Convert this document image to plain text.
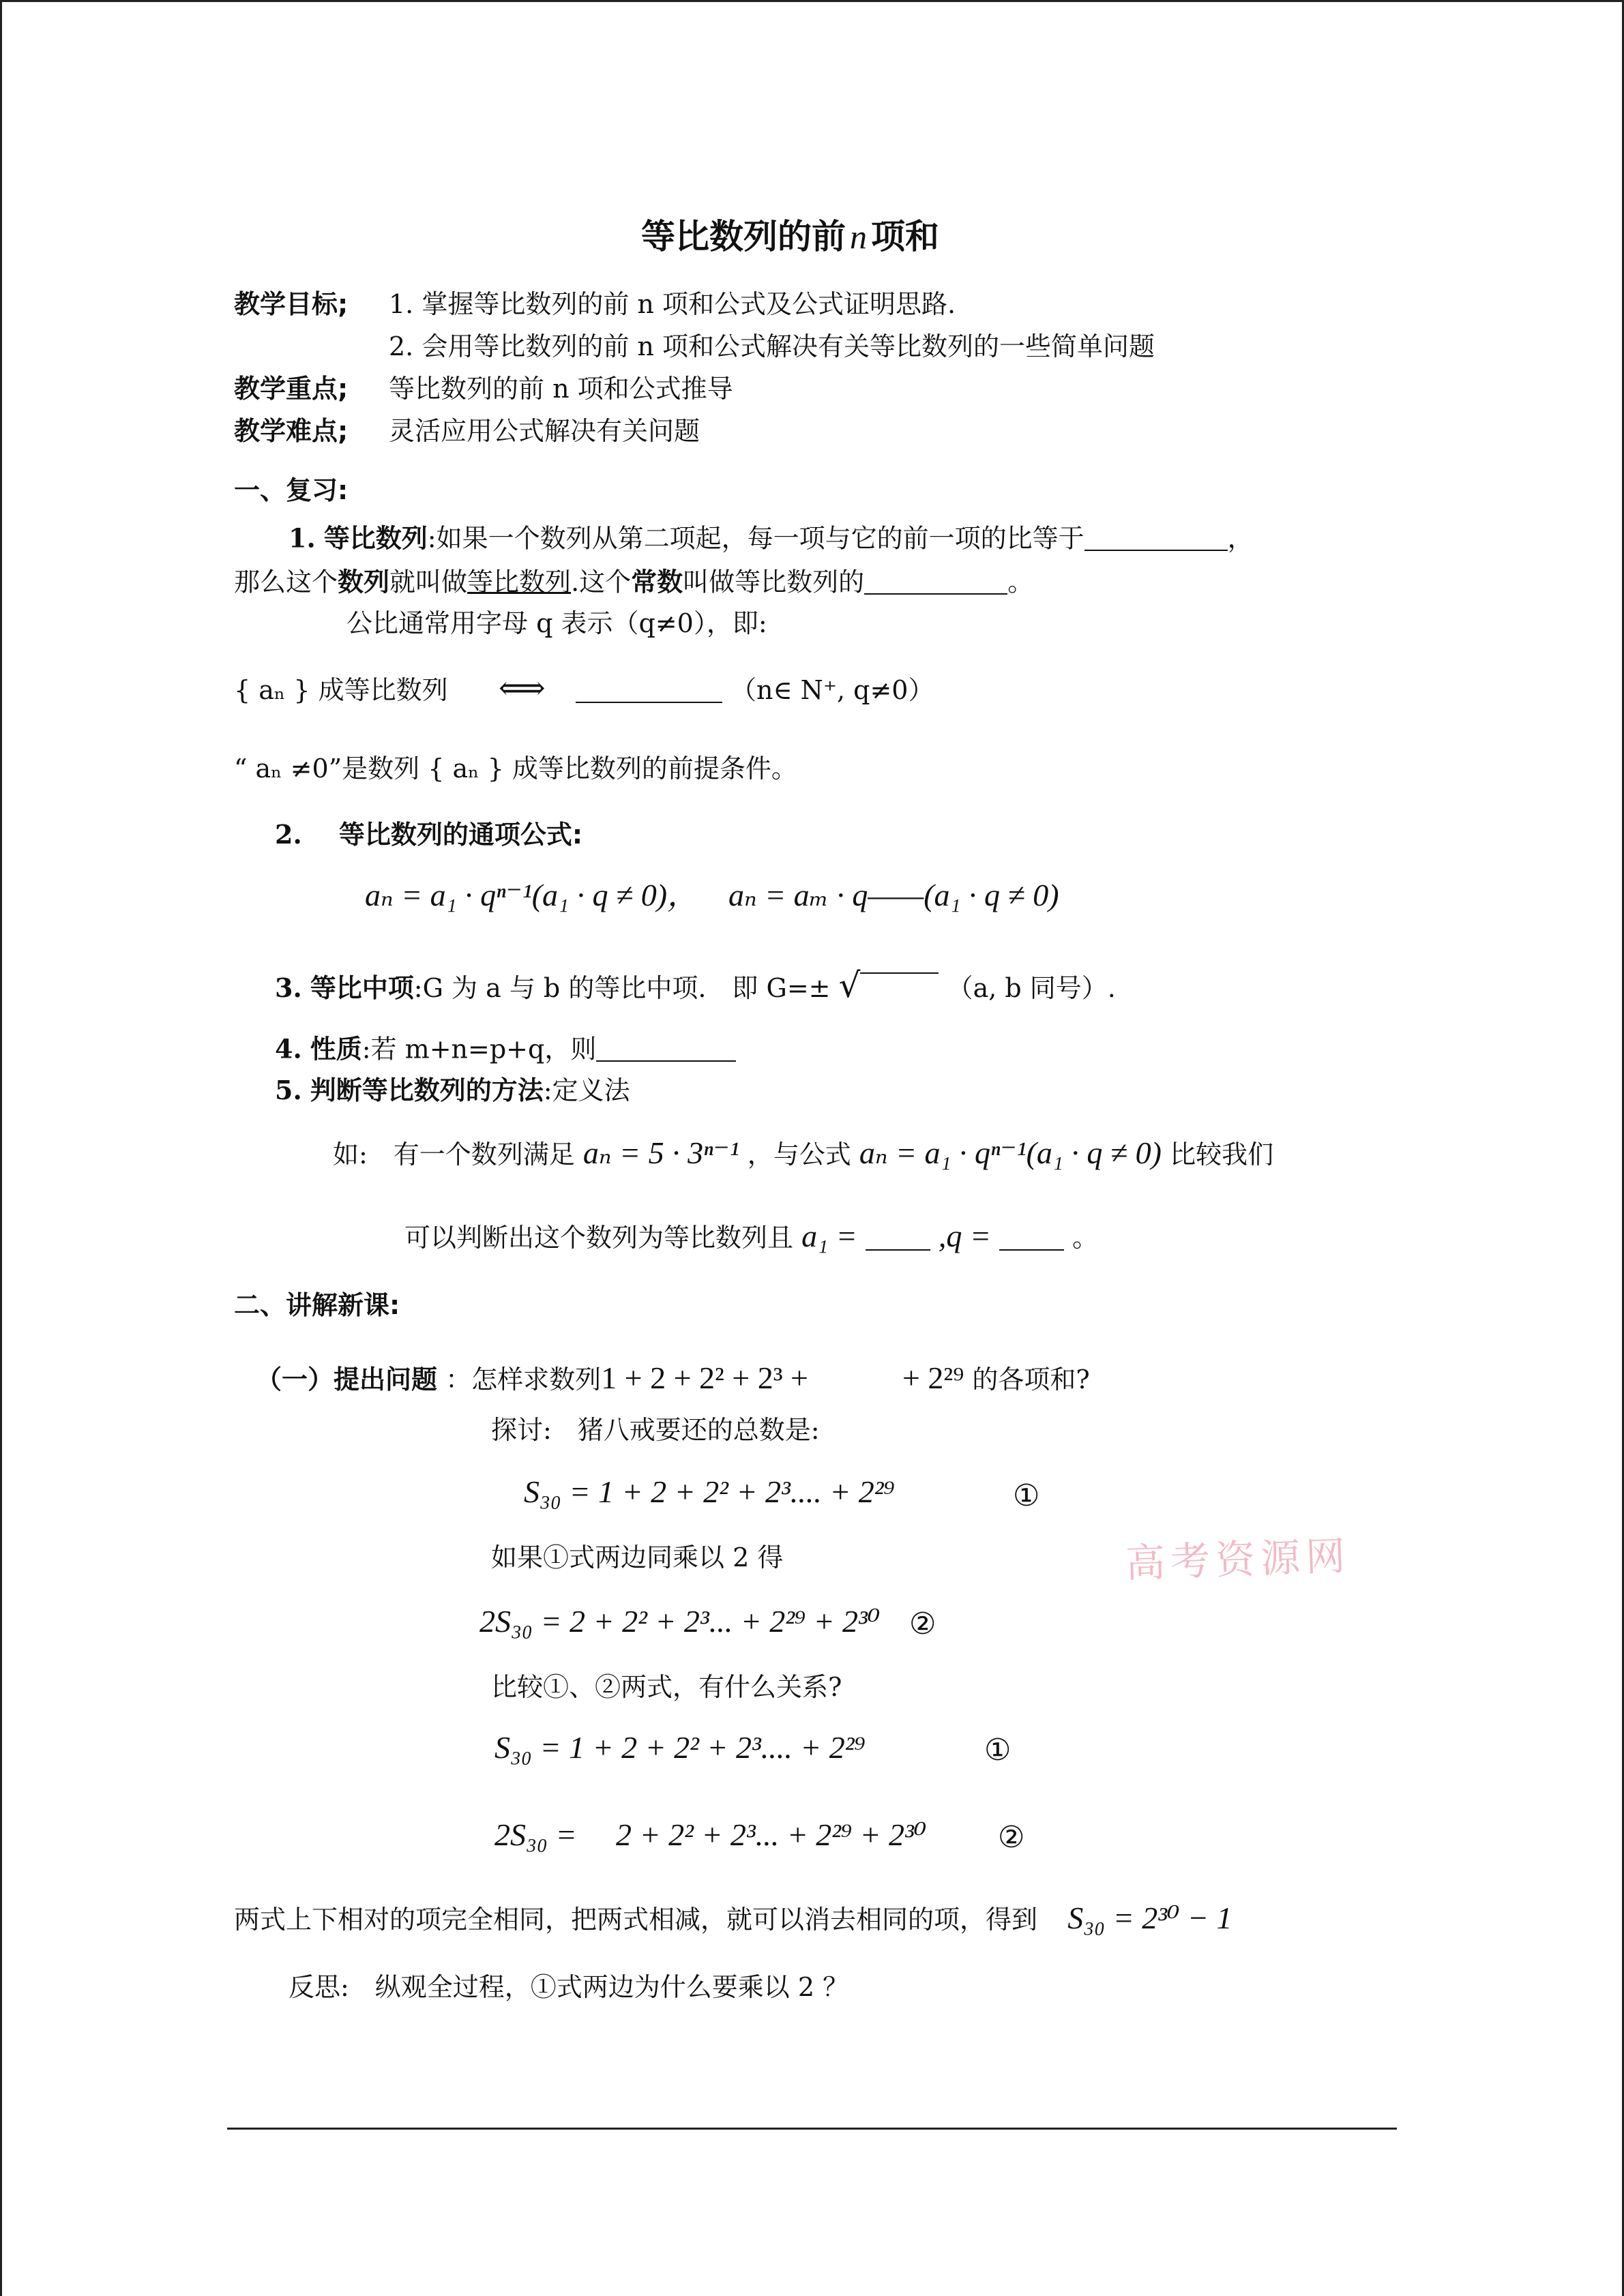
等比数列的前 n 项和
教学目标; 1. 掌握等比数列的前 n 项和公式及公式证明思路.
2. 会用等比数列的前 n 项和公式解决有关等比数列的一些简单问题
教学重点; 等比数列的前 n 项和公式推导
教学难点; 灵活应用公式解决有关问题
一、复习:
1. 等比数列:如果一个数列从第二项起，每一项与它的前一项的比等于	，
那么这个数列就叫做等比数列.这个常数叫做等比数列的	。
公比通常用字母 q 表示（q≠0），即:
{ aₙ } 成等比数列 ⟺	（n∈ N⁺, q≠0）
“ aₙ ≠0”是数列 { aₙ } 成等比数列的前提条件。
2. 等比数列的通项公式:
aₙ = a₁ · qⁿ⁻¹(a₁ · q ≠ 0)， aₙ = aₘ · q——(a₁ · q ≠ 0)
3. 等比中项:G 为 a 与 b 的等比中项.　即 G=± √	（a, b 同号）.
4. 性质:若 m+n=p+q，则
5. 判断等比数列的方法:定义法
如:　有一个数列满足 aₙ = 5 · 3ⁿ⁻¹ ，与公式 aₙ = a₁ · qⁿ⁻¹(a₁ · q ≠ 0) 比较我们
可以判断出这个数列为等比数列且 a₁ =	,q =	。
二、讲解新课:
（一）提出问题 ：怎样求数列1 + 2 + 2² + 2³ +　　　+ 2²⁹ 的各项和?
探讨:　猪八戒要还的总数是:
S₃₀ = 1 + 2 + 2² + 2³.... + 2²⁹	①
如果①式两边同乘以 2 得
2S₃₀ = 2 + 2² + 2³... + 2²⁹ + 2³⁰ ②
比较①、②两式，有什么关系?
S₃₀ = 1 + 2 + 2² + 2³.... + 2²⁹	①
2S₃₀ =　 2 + 2² + 2³... + 2²⁹ + 2³⁰ ②
两式上下相对的项完全相同，把两式相减，就可以消去相同的项，得到 S₃₀ = 2³⁰ − 1
反思:　纵观全过程，①式两边为什么要乘以 2 ？
高考资源网
